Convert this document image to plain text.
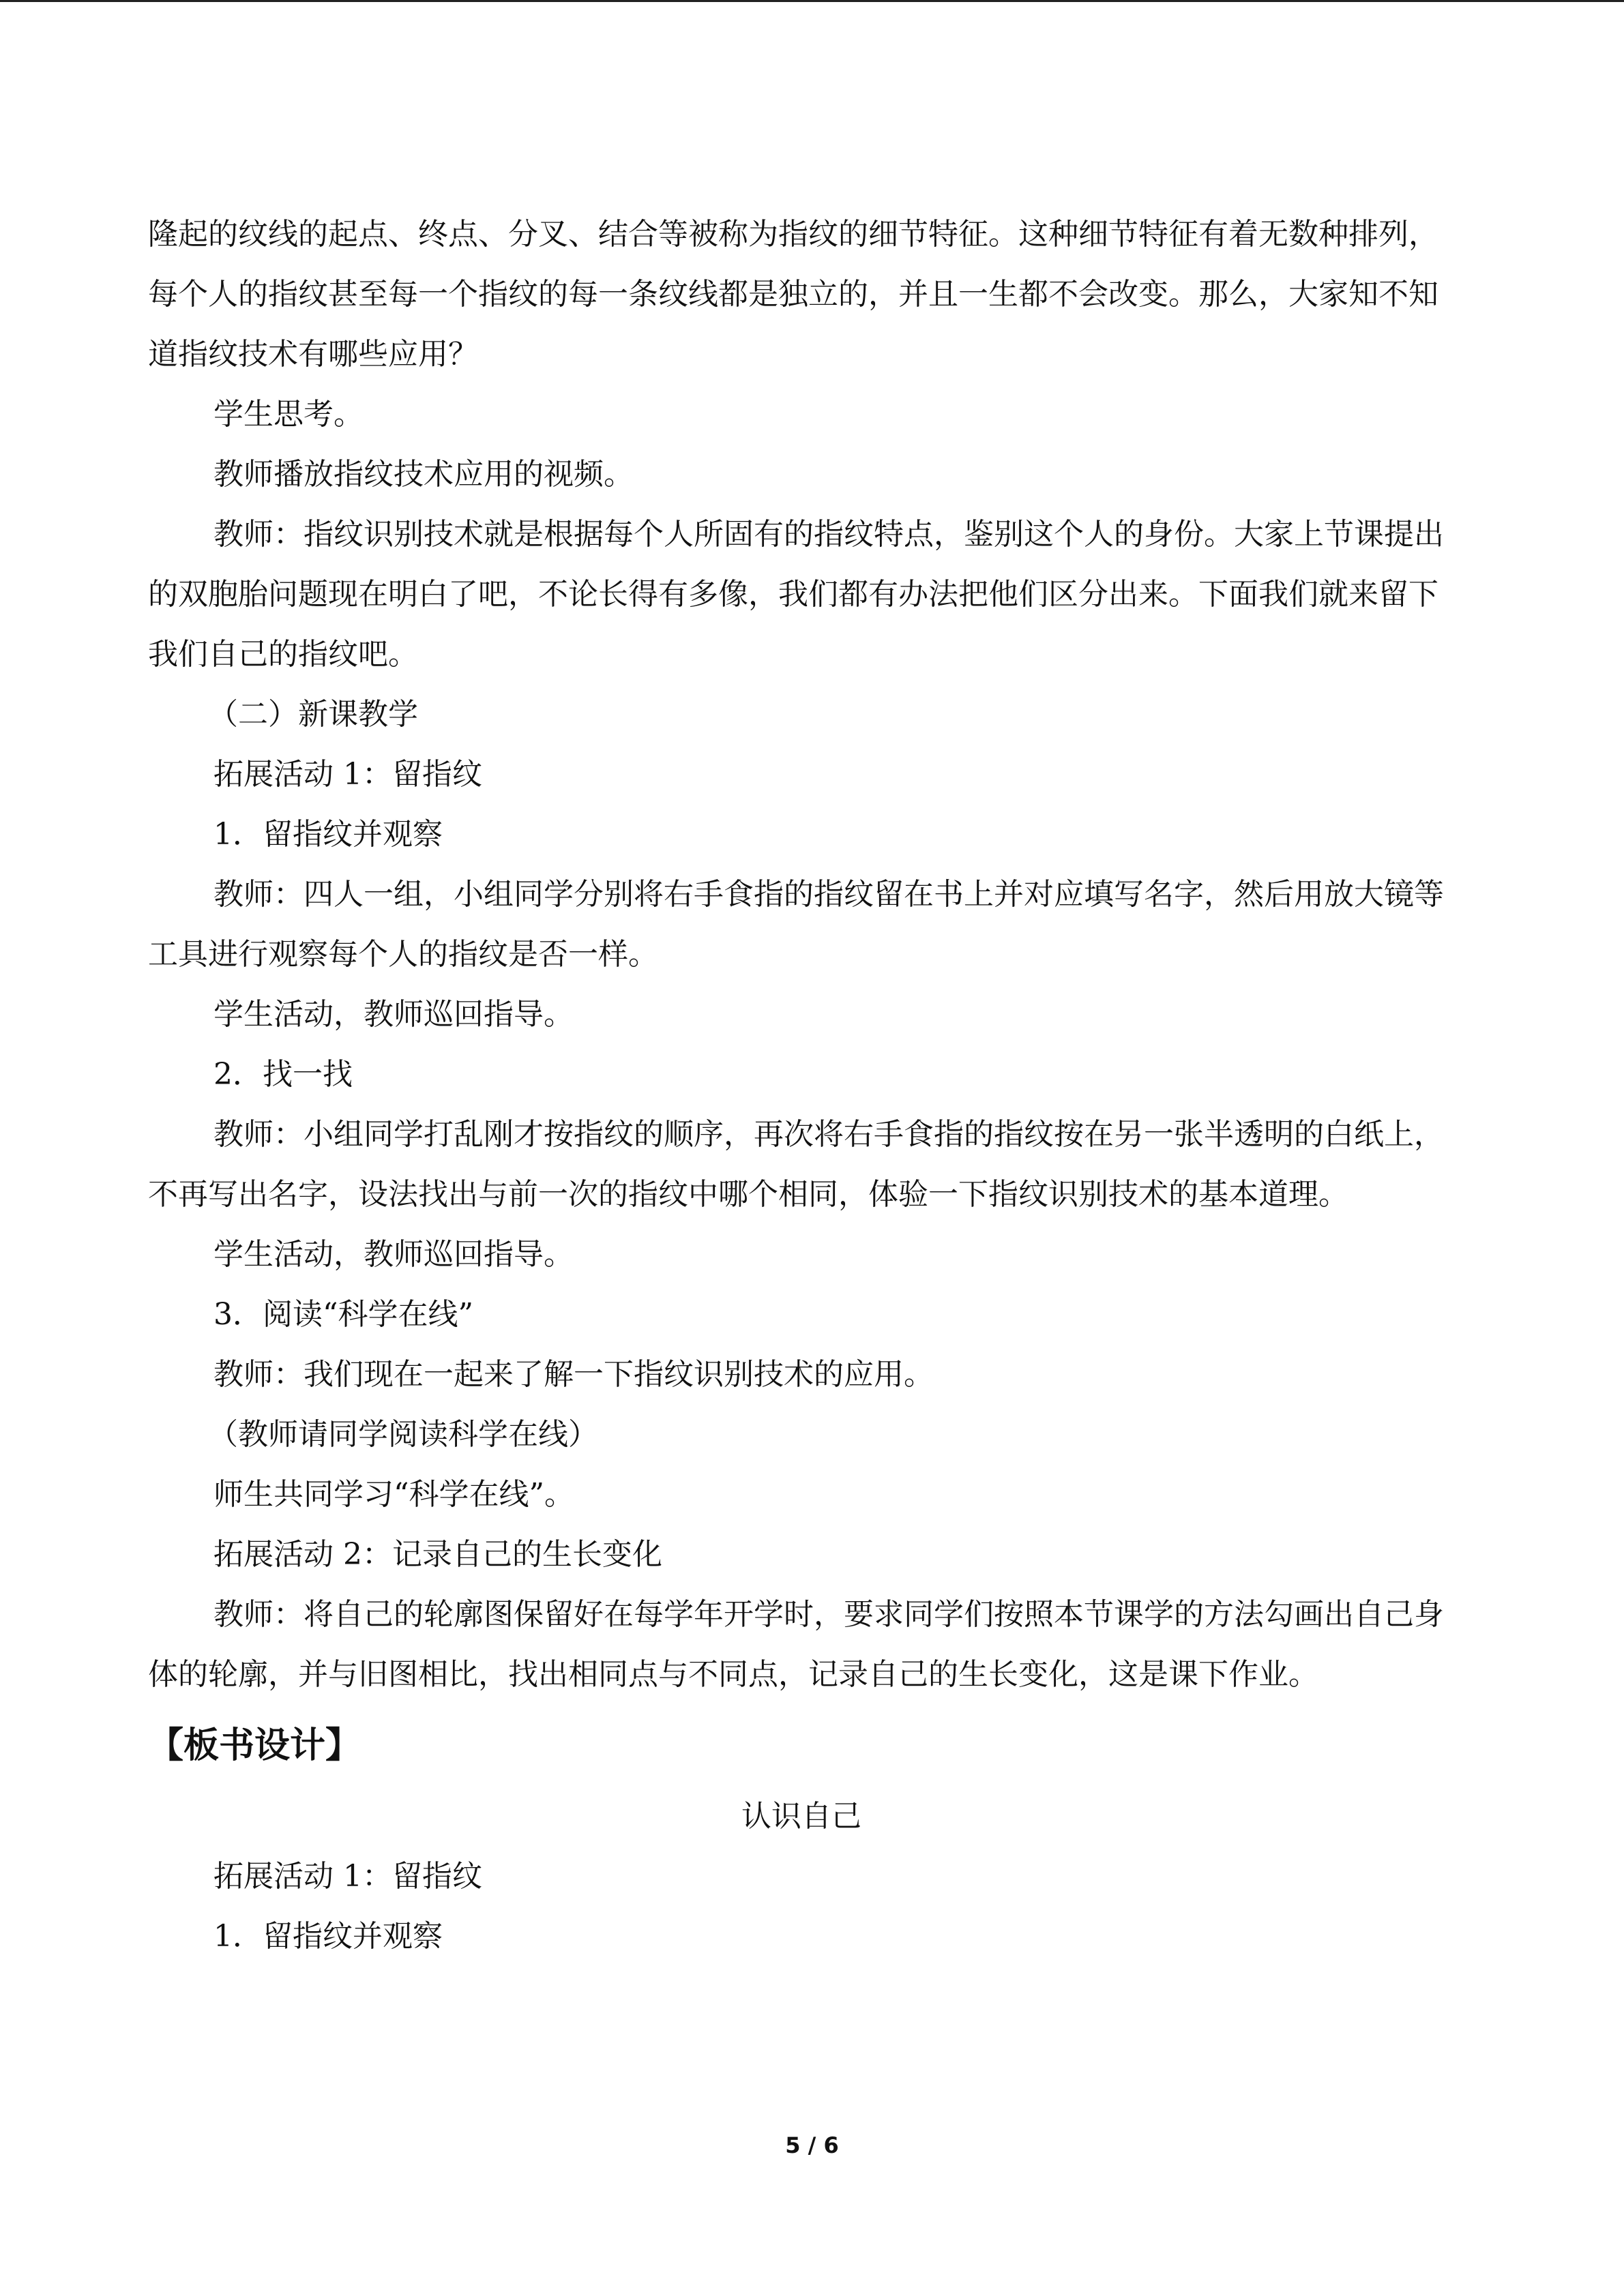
隆起的纹线的起点、终点、分叉、结合等被称为指纹的细节特征。这种细节特征有着无数种排列，每个人的指纹甚至每一个指纹的每一条纹线都是独立的，并且一生都不会改变。那么，大家知不知道指纹技术有哪些应用？

学生思考。

教师播放指纹技术应用的视频。

教师：指纹识别技术就是根据每个人所固有的指纹特点，鉴别这个人的身份。大家上节课提出的双胞胎问题现在明白了吧，不论长得有多像，我们都有办法把他们区分出来。下面我们就来留下我们自己的指纹吧。

（二）新课教学

拓展活动 1：留指纹

1．留指纹并观察

教师：四人一组，小组同学分别将右手食指的指纹留在书上并对应填写名字，然后用放大镜等工具进行观察每个人的指纹是否一样。

学生活动，教师巡回指导。

2．找一找

教师：小组同学打乱刚才按指纹的顺序，再次将右手食指的指纹按在另一张半透明的白纸上，不再写出名字，设法找出与前一次的指纹中哪个相同，体验一下指纹识别技术的基本道理。

学生活动，教师巡回指导。

3．阅读“科学在线”

教师：我们现在一起来了解一下指纹识别技术的应用。

（教师请同学阅读科学在线）

师生共同学习“科学在线”。

拓展活动 2：记录自己的生长变化

教师：将自己的轮廓图保留好在每学年开学时，要求同学们按照本节课学的方法勾画出自己身体的轮廓，并与旧图相比，找出相同点与不同点，记录自己的生长变化，这是课下作业。

【板书设计】

认识自己

拓展活动 1：留指纹

1．留指纹并观察

5 / 6
